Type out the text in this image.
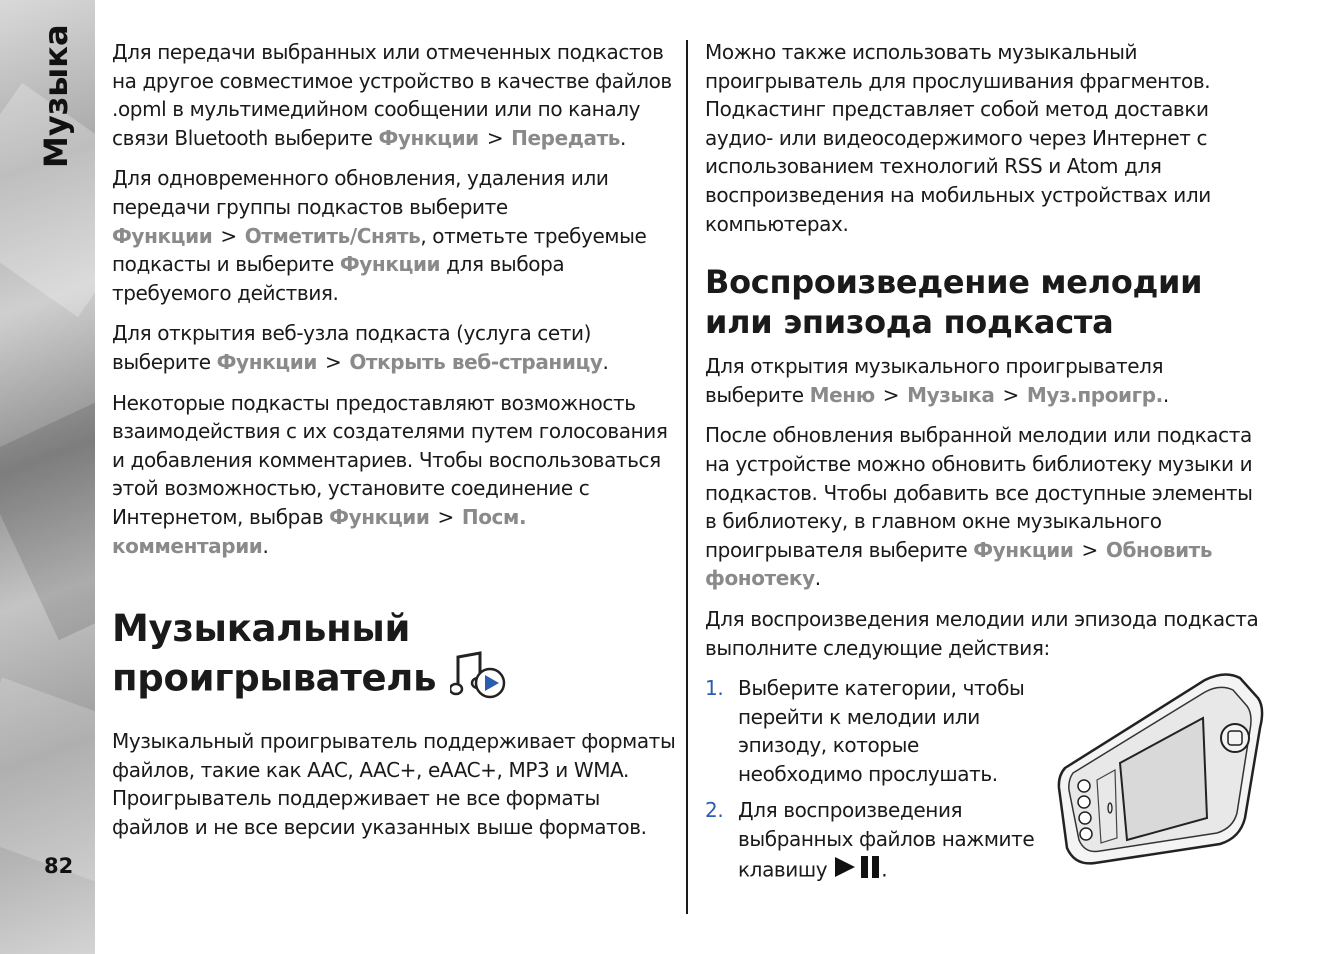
Музыка
82

Для передачи выбранных или отмеченных подкастов на другое совместимое устройство в качестве файлов .opml в мультимедийном сообщении или по каналу связи Bluetooth выберите Функции > Передать.

Для одновременного обновления, удаления или передачи группы подкастов выберите Функции > Отметить/Снять, отметьте требуемые подкасты и выберите Функции для выбора требуемого действия.

Для открытия веб-узла подкаста (услуга сети) выберите Функции > Открыть веб-страницу.

Некоторые подкасты предоставляют возможность взаимодействия с их создателями путем голосования и добавления комментариев. Чтобы воспользоваться этой возможностью, установите соединение с Интернетом, выбрав Функции > Посм. комментарии.

Музыкальный
проигрыватель

Музыкальный проигрыватель поддерживает форматы файлов, такие как AAC, AAC+, eAAC+, MP3 и WMA. Проигрыватель поддерживает не все форматы файлов и не все версии указанных выше форматов.

Можно также использовать музыкальный проигрыватель для прослушивания фрагментов. Подкастинг представляет собой метод доставки аудио- или видеосодержимого через Интернет с использованием технологий RSS и Atom для воспроизведения на мобильных устройствах или компьютерах.

Воспроизведение мелодии или эпизода подкаста

Для открытия музыкального проигрывателя выберите Меню > Музыка > Муз.проигр..

После обновления выбранной мелодии или подкаста на устройстве можно обновить библиотеку музыки и подкастов. Чтобы добавить все доступные элементы в библиотеку, в главном окне музыкального проигрывателя выберите Функции > Обновить фонотеку.

Для воспроизведения мелодии или эпизода подкаста выполните следующие действия:

1. Выберите категории, чтобы перейти к мелодии или эпизоду, которые необходимо прослушать.
2. Для воспроизведения выбранных файлов нажмите клавишу	.
